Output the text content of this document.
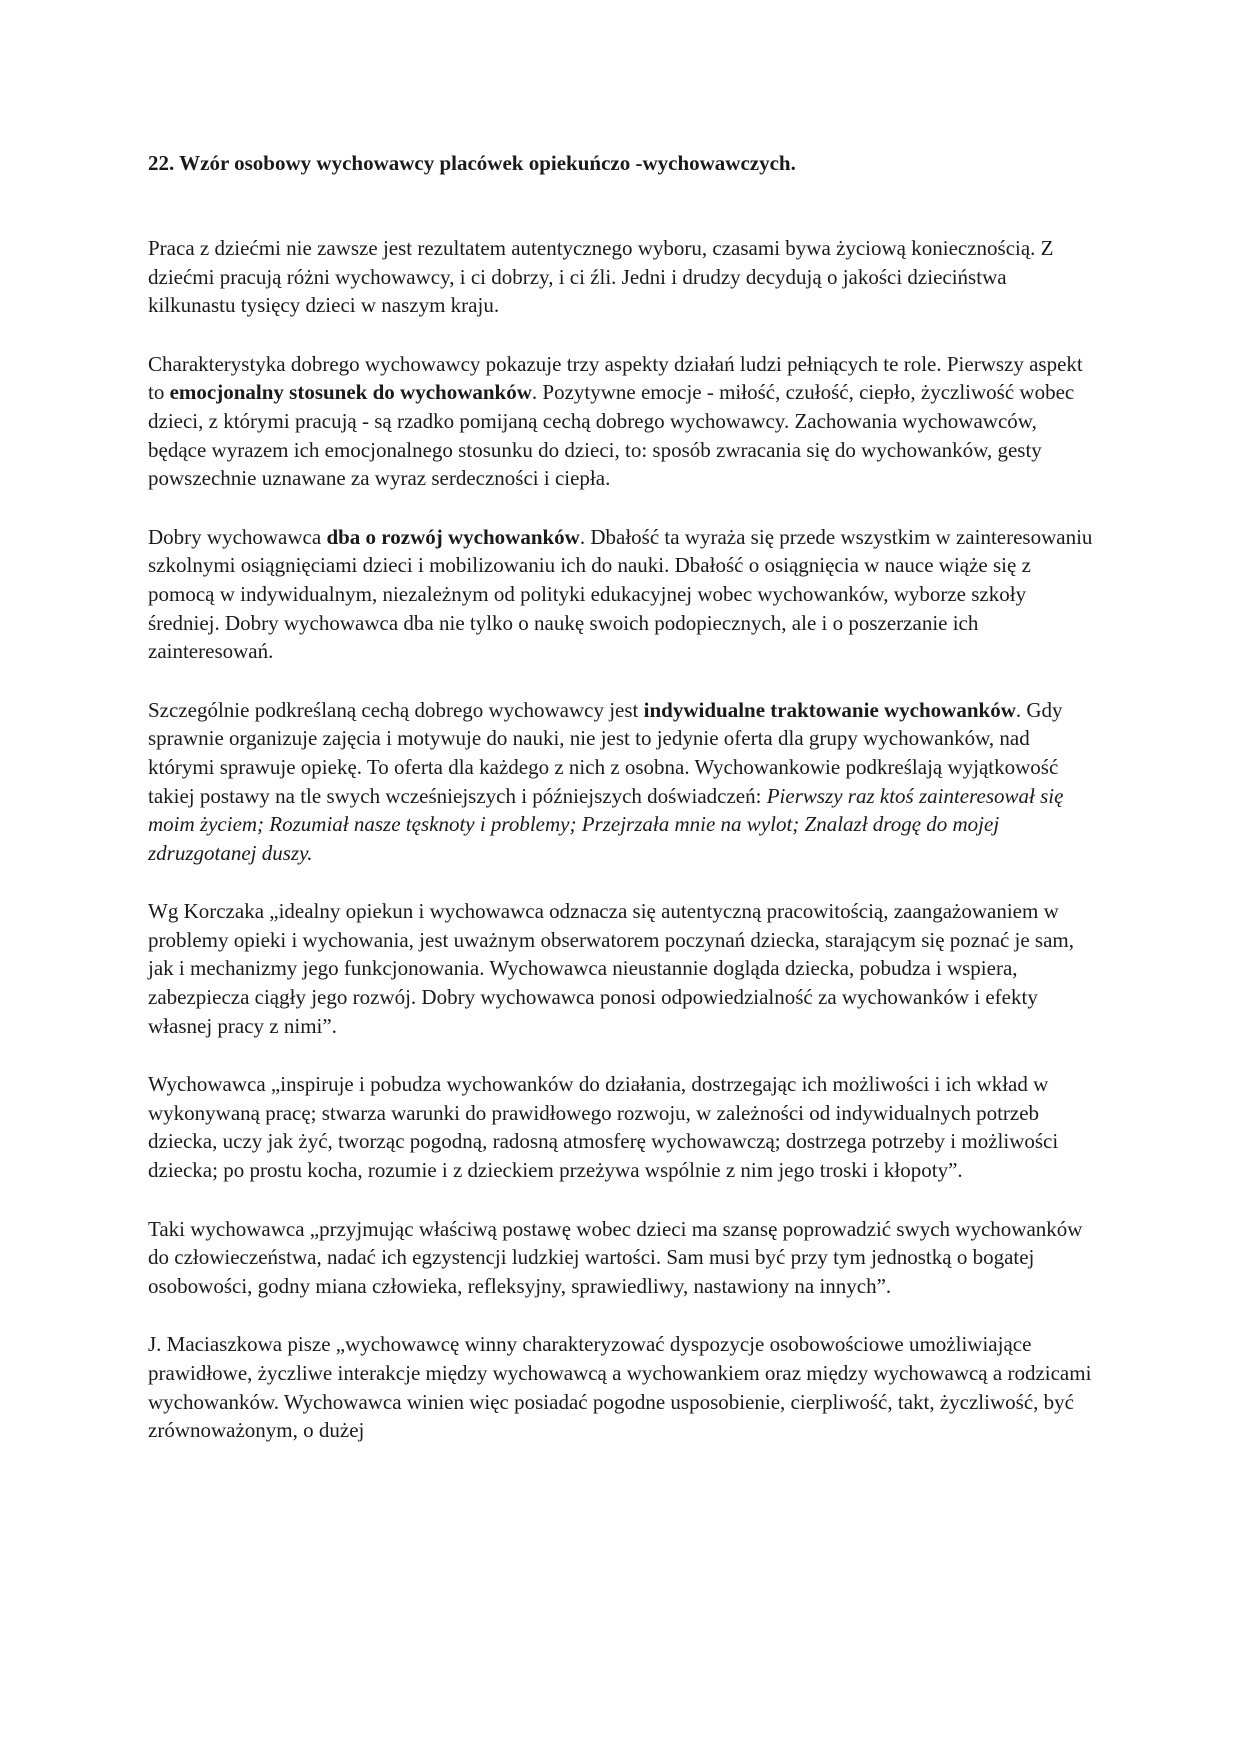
22. Wzór osobowy wychowawcy placówek opiekuńczo -wychowawczych.

Praca z dziećmi nie zawsze jest rezultatem autentycznego wyboru, czasami bywa życiową koniecznością. Z dziećmi pracują różni wychowawcy, i ci dobrzy, i ci źli. Jedni i drudzy decydują o jakości dzieciństwa kilkunastu tysięcy dzieci w naszym kraju.

Charakterystyka dobrego wychowawcy pokazuje trzy aspekty działań ludzi pełniących te role. Pierwszy aspekt to emocjonalny stosunek do wychowanków. Pozytywne emocje - miłość, czułość, ciepło, życzliwość wobec dzieci, z którymi pracują - są rzadko pomijaną cechą dobrego wychowawcy. Zachowania wychowawców, będące wyrazem ich emocjonalnego stosunku do dzieci, to: sposób zwracania się do wychowanków, gesty powszechnie uznawane za wyraz serdeczności i ciepła.

Dobry wychowawca dba o rozwój wychowanków. Dbałość ta wyraża się przede wszystkim w zainteresowaniu szkolnymi osiągnięciami dzieci i mobilizowaniu ich do nauki. Dbałość o osiągnięcia w nauce wiąże się z pomocą w indywidualnym, niezależnym od polityki edukacyjnej wobec wychowanków, wyborze szkoły średniej. Dobry wychowawca dba nie tylko o naukę swoich podopiecznych, ale i o poszerzanie ich zainteresowań.

Szczególnie podkreślaną cechą dobrego wychowawcy jest indywidualne traktowanie wychowanków. Gdy sprawnie organizuje zajęcia i motywuje do nauki, nie jest to jedynie oferta dla grupy wychowanków, nad którymi sprawuje opiekę. To oferta dla każdego z nich z osobna. Wychowankowie podkreślają wyjątkowość takiej postawy na tle swych wcześniejszych i późniejszych doświadczeń: Pierwszy raz ktoś zainteresował się moim życiem; Rozumiał nasze tęsknoty i problemy; Przejrzała mnie na wylot; Znalazł drogę do mojej zdruzgotanej duszy.

Wg Korczaka „idealny opiekun i wychowawca odznacza się autentyczną pracowitością, zaangażowaniem w problemy opieki i wychowania, jest uważnym obserwatorem poczynań dziecka, starającym się poznać je sam, jak i mechanizmy jego funkcjonowania. Wychowawca nieustannie dogląda dziecka, pobudza i wspiera, zabezpiecza ciągły jego rozwój. Dobry wychowawca ponosi odpowiedzialność za wychowanków i efekty własnej pracy z nimi”.

Wychowawca „inspiruje i pobudza wychowanków do działania, dostrzegając ich możliwości i ich wkład w wykonywaną pracę; stwarza warunki do prawidłowego rozwoju, w zależności od indywidualnych potrzeb dziecka, uczy jak żyć, tworząc pogodną, radosną atmosferę wychowawczą; dostrzega potrzeby i możliwości dziecka; po prostu kocha, rozumie i z dzieckiem przeżywa wspólnie z nim jego troski i kłopoty”.

Taki wychowawca „przyjmując właściwą postawę wobec dzieci ma szansę poprowadzić swych wychowanków do człowieczeństwa, nadać ich egzystencji ludzkiej wartości. Sam musi być przy tym jednostką o bogatej osobowości, godny miana człowieka, refleksyjny, sprawiedliwy, nastawiony na innych”.

J. Maciaszkowa pisze „wychowawcę winny charakteryzować dyspozycje osobowościowe umożliwiające prawidłowe, życzliwe interakcje między wychowawcą a wychowankiem oraz między wychowawcą a rodzicami wychowanków. Wychowawca winien więc posiadać pogodne usposobienie, cierpliwość, takt, życzliwość, być zrównoważonym, o dużej
